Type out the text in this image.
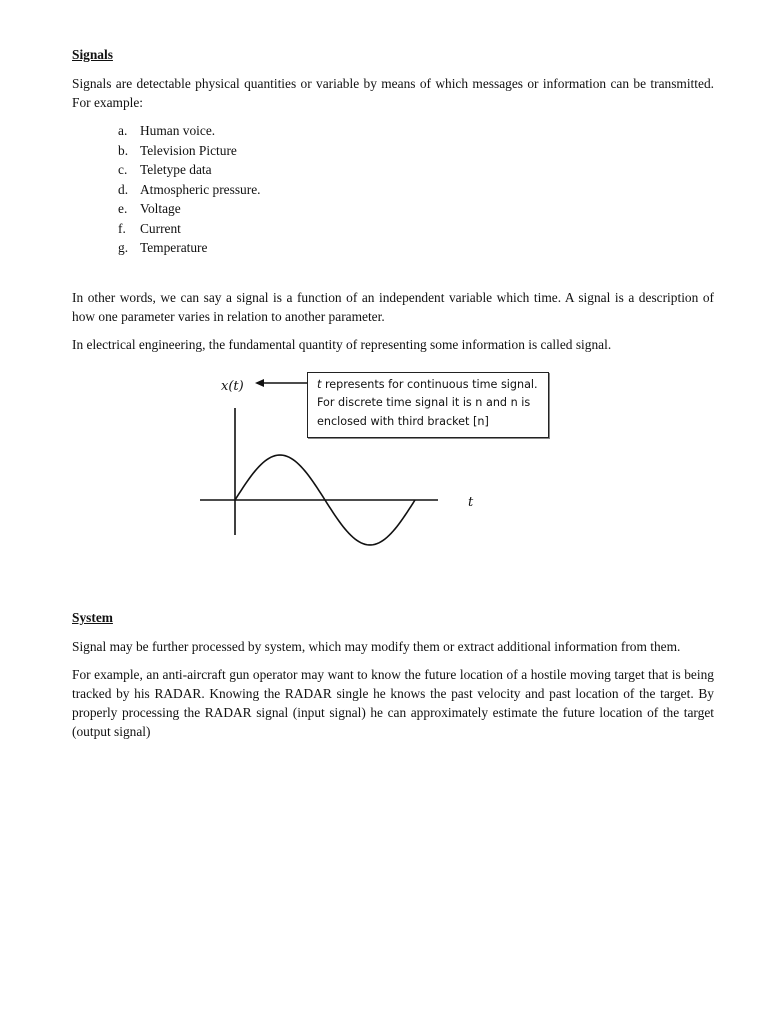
Signals

Signals are detectable physical quantities or variable by means of which messages or information can be transmitted. For example:

a. Human voice.
b. Television Picture
c. Teletype data
d. Atmospheric pressure.
e. Voltage
f.	Current
g. Temperature

In other words, we can say a signal is a function of an independent variable which time. A signal is a description of how one parameter varies in relation to another parameter.

In electrical engineering, the fundamental quantity of representing some information is called signal.

x(t)
t
t represents for continuous time signal.
For discrete time signal it is n and n is
enclosed with third bracket [n]

System

Signal may be further processed by system, which may modify them or extract additional information from them.

For example, an anti-aircraft gun operator may want to know the future location of a hostile moving target that is being tracked by his RADAR. Knowing the RADAR single he knows the past velocity and past location of the target. By properly processing the RADAR signal (input signal) he can approximately estimate the future location of the target (output signal)
